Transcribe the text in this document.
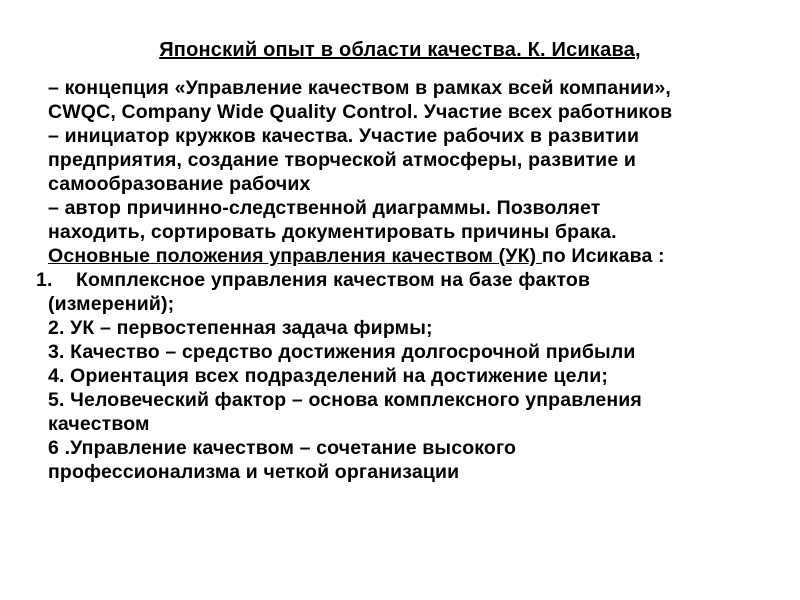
Японский опыт в области качества. К. Исикава,
– концепция «Управление качеством в рамках всей компании»,
CWQC, Company Wide Quality Control. Участие всех работников
– инициатор кружков качества. Участие рабочих в развитии
предприятия, создание творческой атмосферы, развитие и
самообразование рабочих
– автор причинно-следственной диаграммы. Позволяет
находить, сортировать документировать причины брака.
Основные положения управления качеством (УК) по Исикава :
1. Комплексное управления качеством на базе фактов
(измерений);
2. УК – первостепенная задача фирмы;
3. Качество – средство достижения долгосрочной прибыли
4. Ориентация всех подразделений на достижение цели;
5. Человеческий фактор – основа комплексного управления
качеством
6 .Управление качеством – сочетание высокого
профессионализма и четкой организации
